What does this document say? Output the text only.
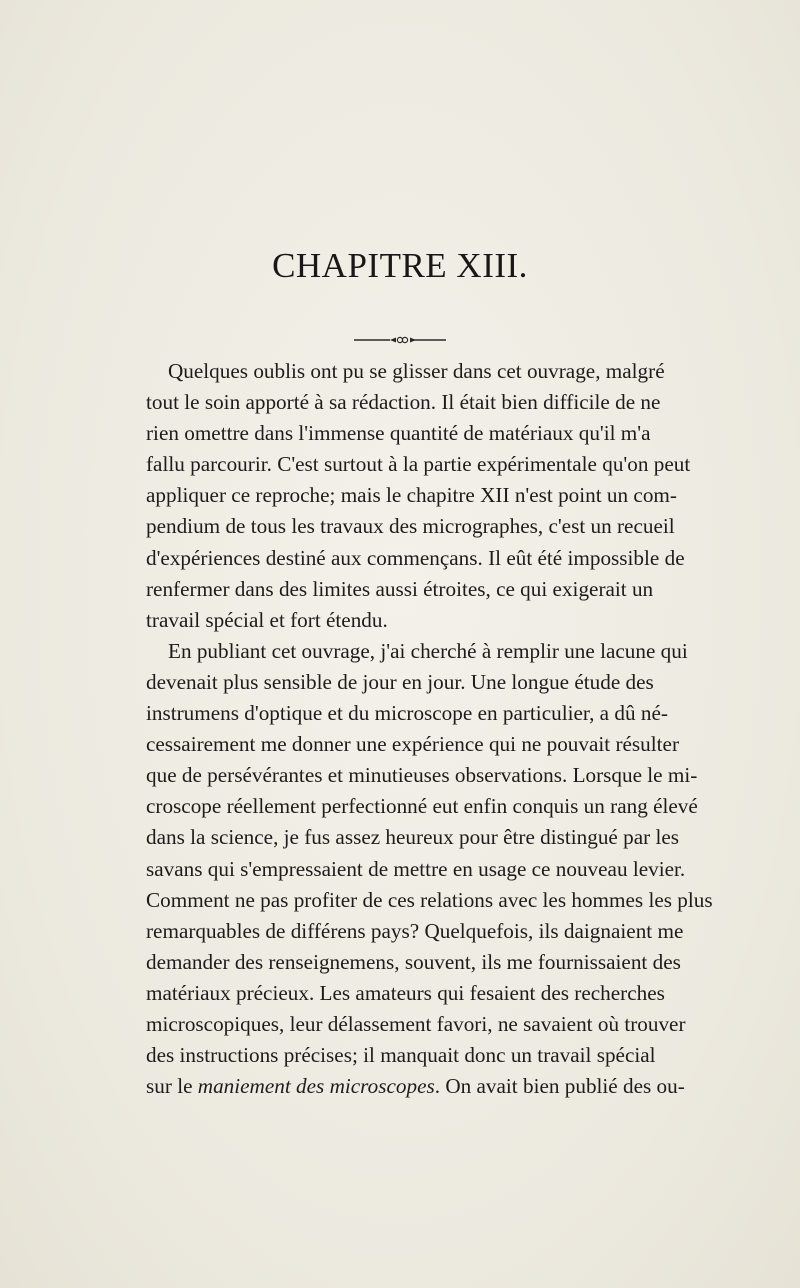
CHAPITRE XIII.
Quelques oublis ont pu se glisser dans cet ouvrage, malgré
tout le soin apporté à sa rédaction. Il était bien difficile de ne
rien omettre dans l'immense quantité de matériaux qu'il m'a
fallu parcourir. C'est surtout à la partie expérimentale qu'on peut
appliquer ce reproche; mais le chapitre XII n'est point un com-
pendium de tous les travaux des micrographes, c'est un recueil
d'expériences destiné aux commençans. Il eût été impossible de
renfermer dans des limites aussi étroites, ce qui exigerait un
travail spécial et fort étendu.
En publiant cet ouvrage, j'ai cherché à remplir une lacune qui
devenait plus sensible de jour en jour. Une longue étude des
instrumens d'optique et du microscope en particulier, a dû né-
cessairement me donner une expérience qui ne pouvait résulter
que de persévérantes et minutieuses observations. Lorsque le mi-
croscope réellement perfectionné eut enfin conquis un rang élevé
dans la science, je fus assez heureux pour être distingué par les
savans qui s'empressaient de mettre en usage ce nouveau levier.
Comment ne pas profiter de ces relations avec les hommes les plus
remarquables de différens pays? Quelquefois, ils daignaient me
demander des renseignemens, souvent, ils me fournissaient des
matériaux précieux. Les amateurs qui fesaient des recherches
microscopiques, leur délassement favori, ne savaient où trouver
des instructions précises; il manquait donc un travail spécial
sur le maniement des microscopes. On avait bien publié des ou-
